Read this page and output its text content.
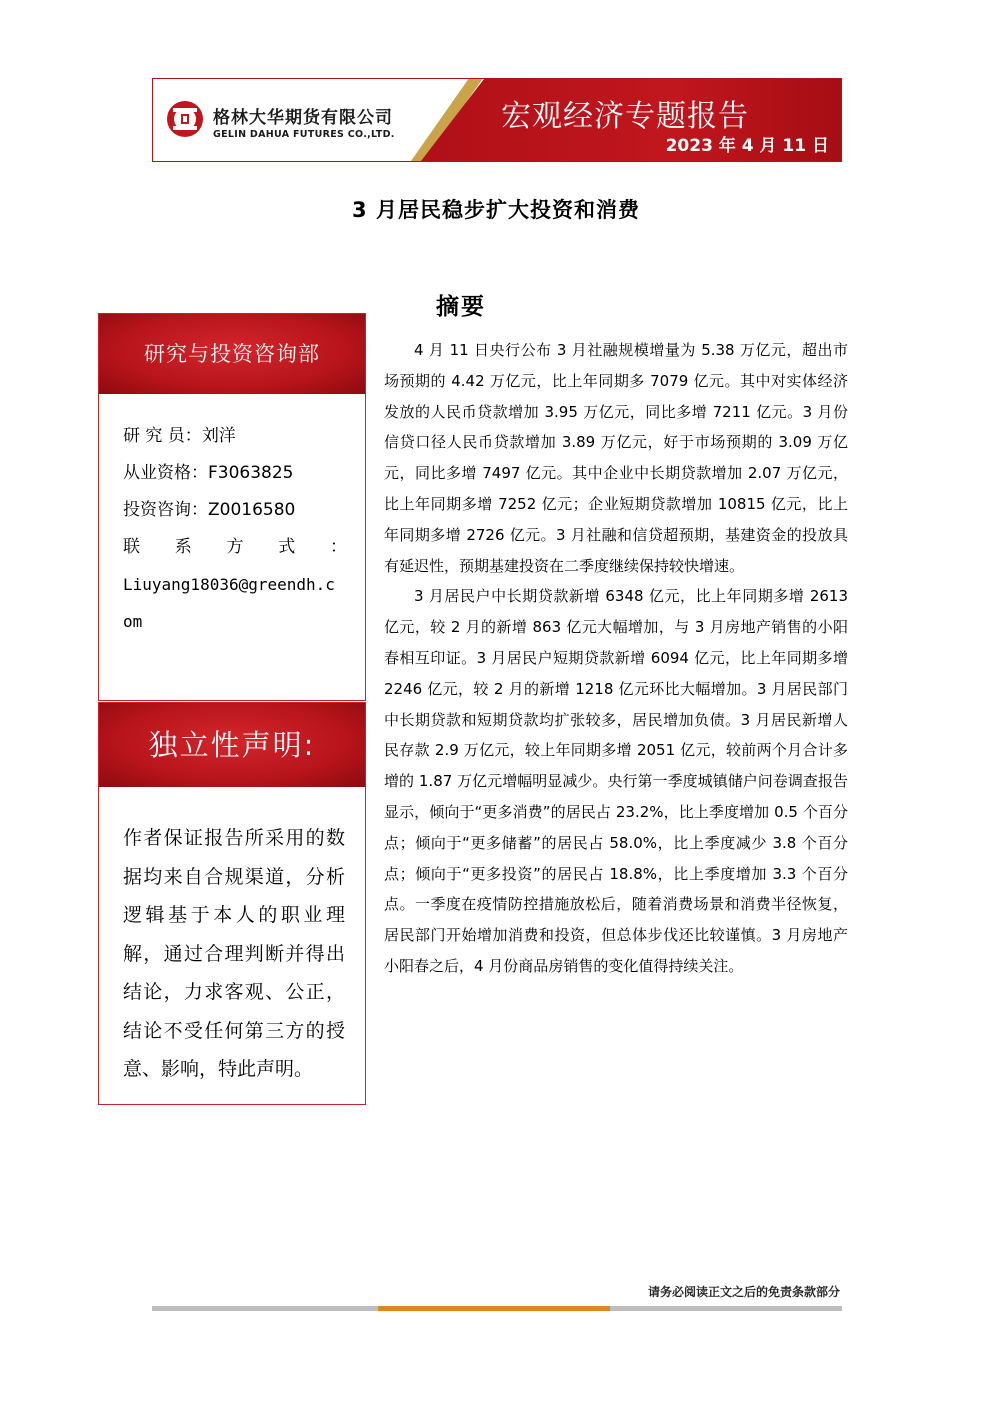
格林大华期货有限公司
GELIN DAHUA FUTURES CO.,LTD.
宏观经济专题报告
2023 年 4 月 11 日
3 月居民稳步扩大投资和消费
研究与投资咨询部
研 究 员： 刘洋
从业资格： F3063825
投资咨询： Z0016580
联 系 方 式 ：
Liuyang18036@greendh.c
om
独立性声明:
作者保证报告所采用的数据均来自合规渠道，分析逻辑基于本人的职业理解，通过合理判断并得出结论，力求客观、公正，结论不受任何第三方的授意、影响，特此声明。
摘要

4 月 11 日央行公布 3 月社融规模增量为 5.38 万亿元，超出市场预期的 4.42 万亿元，比上年同期多 7079 亿元。其中对实体经济发放的人民币贷款增加 3.95 万亿元，同比多增 7211 亿元。3 月份信贷口径人民币贷款增加 3.89 万亿元，好于市场预期的 3.09 万亿元，同比多增 7497 亿元。其中企业中长期贷款增加 2.07 万亿元，比上年同期多增 7252 亿元；企业短期贷款增加 10815 亿元，比上年同期多增 2726 亿元。3 月社融和信贷超预期，基建资金的投放具有延迟性，预期基建投资在二季度继续保持较快增速。

3 月居民户中长期贷款新增 6348 亿元，比上年同期多增 2613 亿元，较 2 月的新增 863 亿元大幅增加，与 3 月房地产销售的小阳春相互印证。3 月居民户短期贷款新增 6094 亿元，比上年同期多增 2246 亿元，较 2 月的新增 1218 亿元环比大幅增加。3 月居民部门中长期贷款和短期贷款均扩张较多，居民增加负债。3 月居民新增人民存款 2.9 万亿元，较上年同期多增 2051 亿元，较前两个月合计多增的 1.87 万亿元增幅明显减少。央行第一季度城镇储户问卷调查报告显示，倾向于“更多消费”的居民占 23.2%，比上季度增加 0.5 个百分点；倾向于“更多储蓄”的居民占 58.0%，比上季度减少 3.8 个百分点；倾向于“更多投资”的居民占 18.8%，比上季度增加 3.3 个百分点。一季度在疫情防控措施放松后，随着消费场景和消费半径恢复，居民部门开始增加消费和投资，但总体步伐还比较谨慎。3 月房地产小阳春之后，4 月份商品房销售的变化值得持续关注。

请务必阅读正文之后的免责条款部分
